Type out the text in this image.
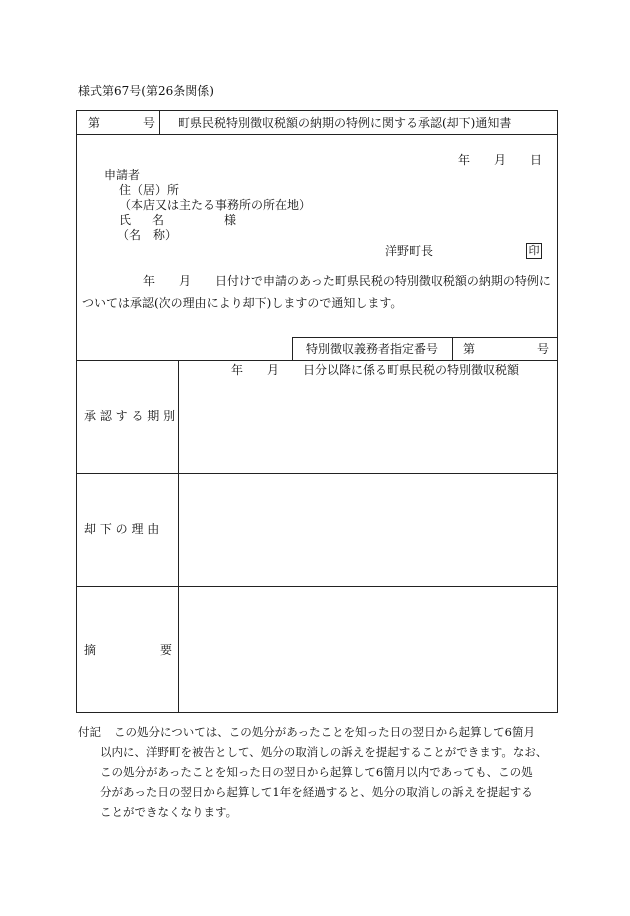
様式第67号(第26条関係)
第	号 町県民税特別徴収税額の納期の特例に関する承認(却下)通知書
年 月 日
申請者
住（居）所
（本店又は主たる事務所の所在地）
氏 名	様
（名　称）
洋野町長	印
年 月 日付けで申請のあった町県民税の特別徴収税額の納期の特例に
ついては承認(次の理由により却下)しますので通知します。
特別徴収義務者指定番号 第	号
承 認 す る 期 別
年 月 日分以降に係る町県民税の特別徴収税額
却 下 の 理 由
摘	要
付記 この処分については、この処分があったことを知った日の翌日から起算して6箇月
以内に、洋野町を被告として、処分の取消しの訴えを提起することができます。なお、
この処分があったことを知った日の翌日から起算して6箇月以内であっても、この処
分があった日の翌日から起算して1年を経過すると、処分の取消しの訴えを提起する
ことができなくなります。
